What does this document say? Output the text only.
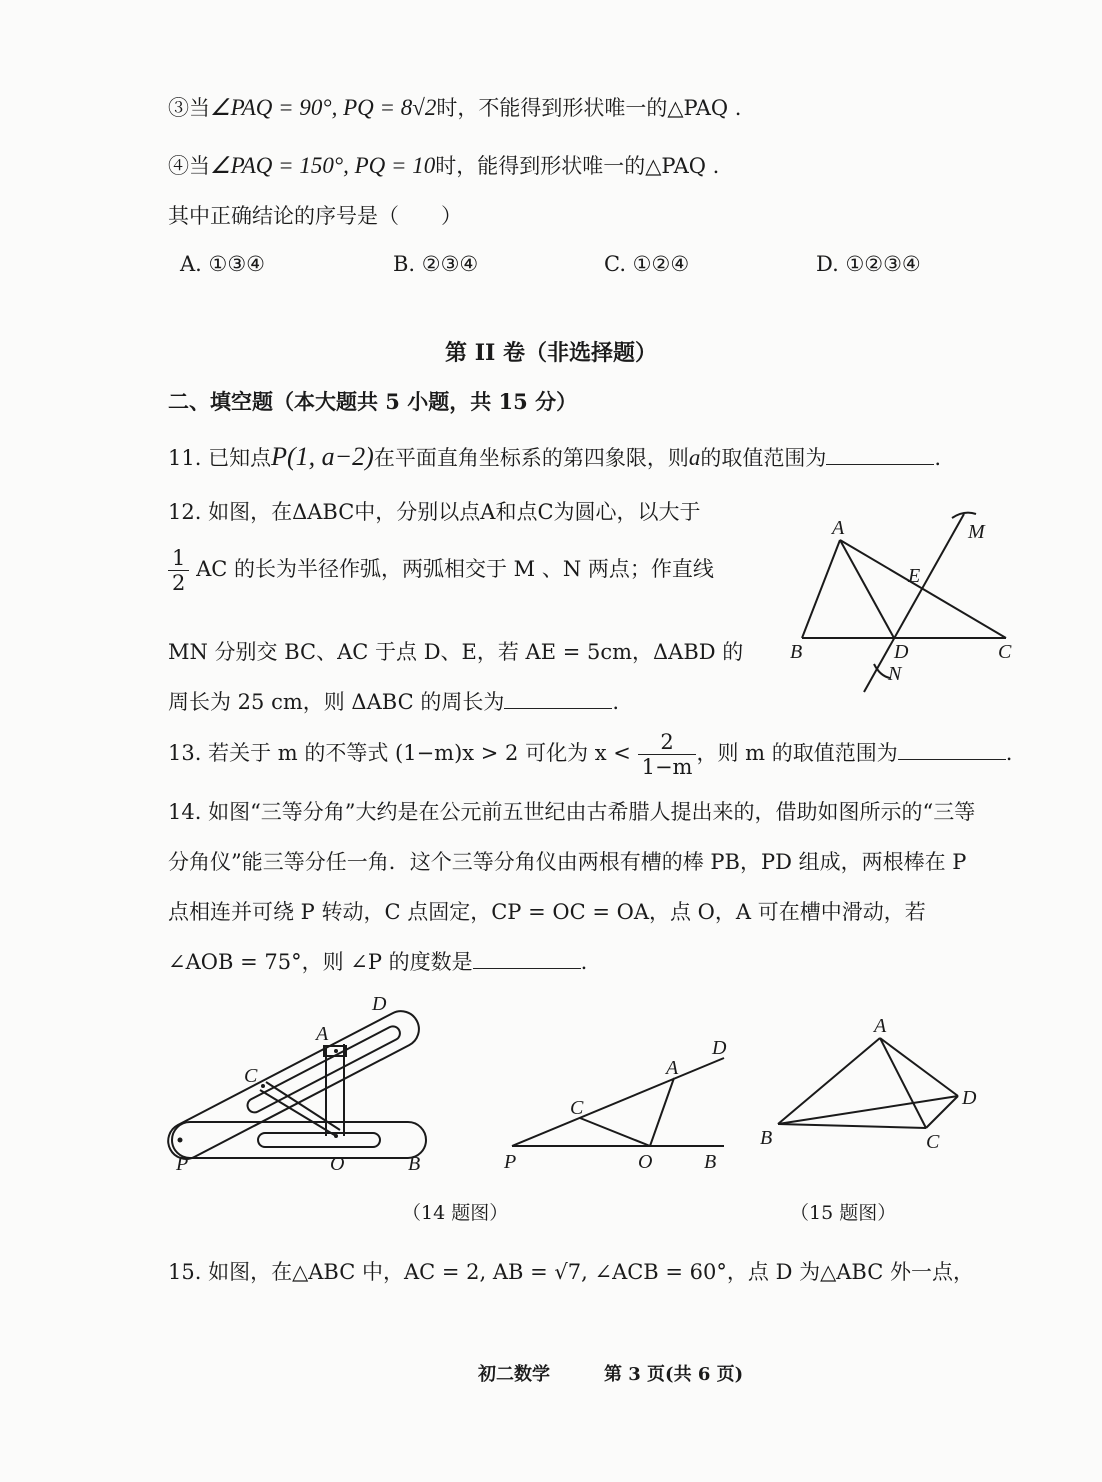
③当∠PAQ = 90°, PQ = 8√2时，不能得到形状唯一的△PAQ .
④当∠PAQ = 150°, PQ = 10时，能得到形状唯一的△PAQ .
其中正确结论的序号是（　　）
A. ①③④	B. ②③④	C. ①②④	D. ①②③④
第 II 卷（非选择题）
二、填空题（本大题共 5 小题，共 15 分）
11. 已知点P(1, a−2)在平面直角坐标系的第四象限，则a的取值范围为	.
12. 如图，在ΔABC中，分别以点A和点C为圆心，以大于
$\frac{1}{2}$ AC 的长为半径作弧，两弧相交于 M 、N 两点；作直线
MN 分别交 BC、AC 于点 D、E，若 AE = 5cm，ΔABD 的
周长为 25 cm，则 ΔABC 的周长为	.
A
B	C
D
E
M
N
13. 若关于 m 的不等式 (1−m)x > 2 可化为 $x < \frac{2}{1-m}$ ，则 m 的取值范围为	.
14. 如图“三等分角”大约是在公元前五世纪由古希腊人提出来的，借助如图所示的“三等
分角仪”能三等分任一角．这个三等分角仪由两根有槽的棒 PB，PD 组成，两根棒在 P
点相连并可绕 P 转动，C 点固定，CP = OC = OA，点 O，A 可在槽中滑动，若
∠AOB = 75°，则 ∠P 的度数是	.
D
A
C
P	O	B	P	O	B
C
A
D
A
B	C
D
（14 题图）	（15 题图）
15. 如图，在△ABC 中，AC = 2, AB = √7, ∠ACB = 60°，点 D 为△ABC 外一点，
初二数学	第 3 页(共 6 页)
